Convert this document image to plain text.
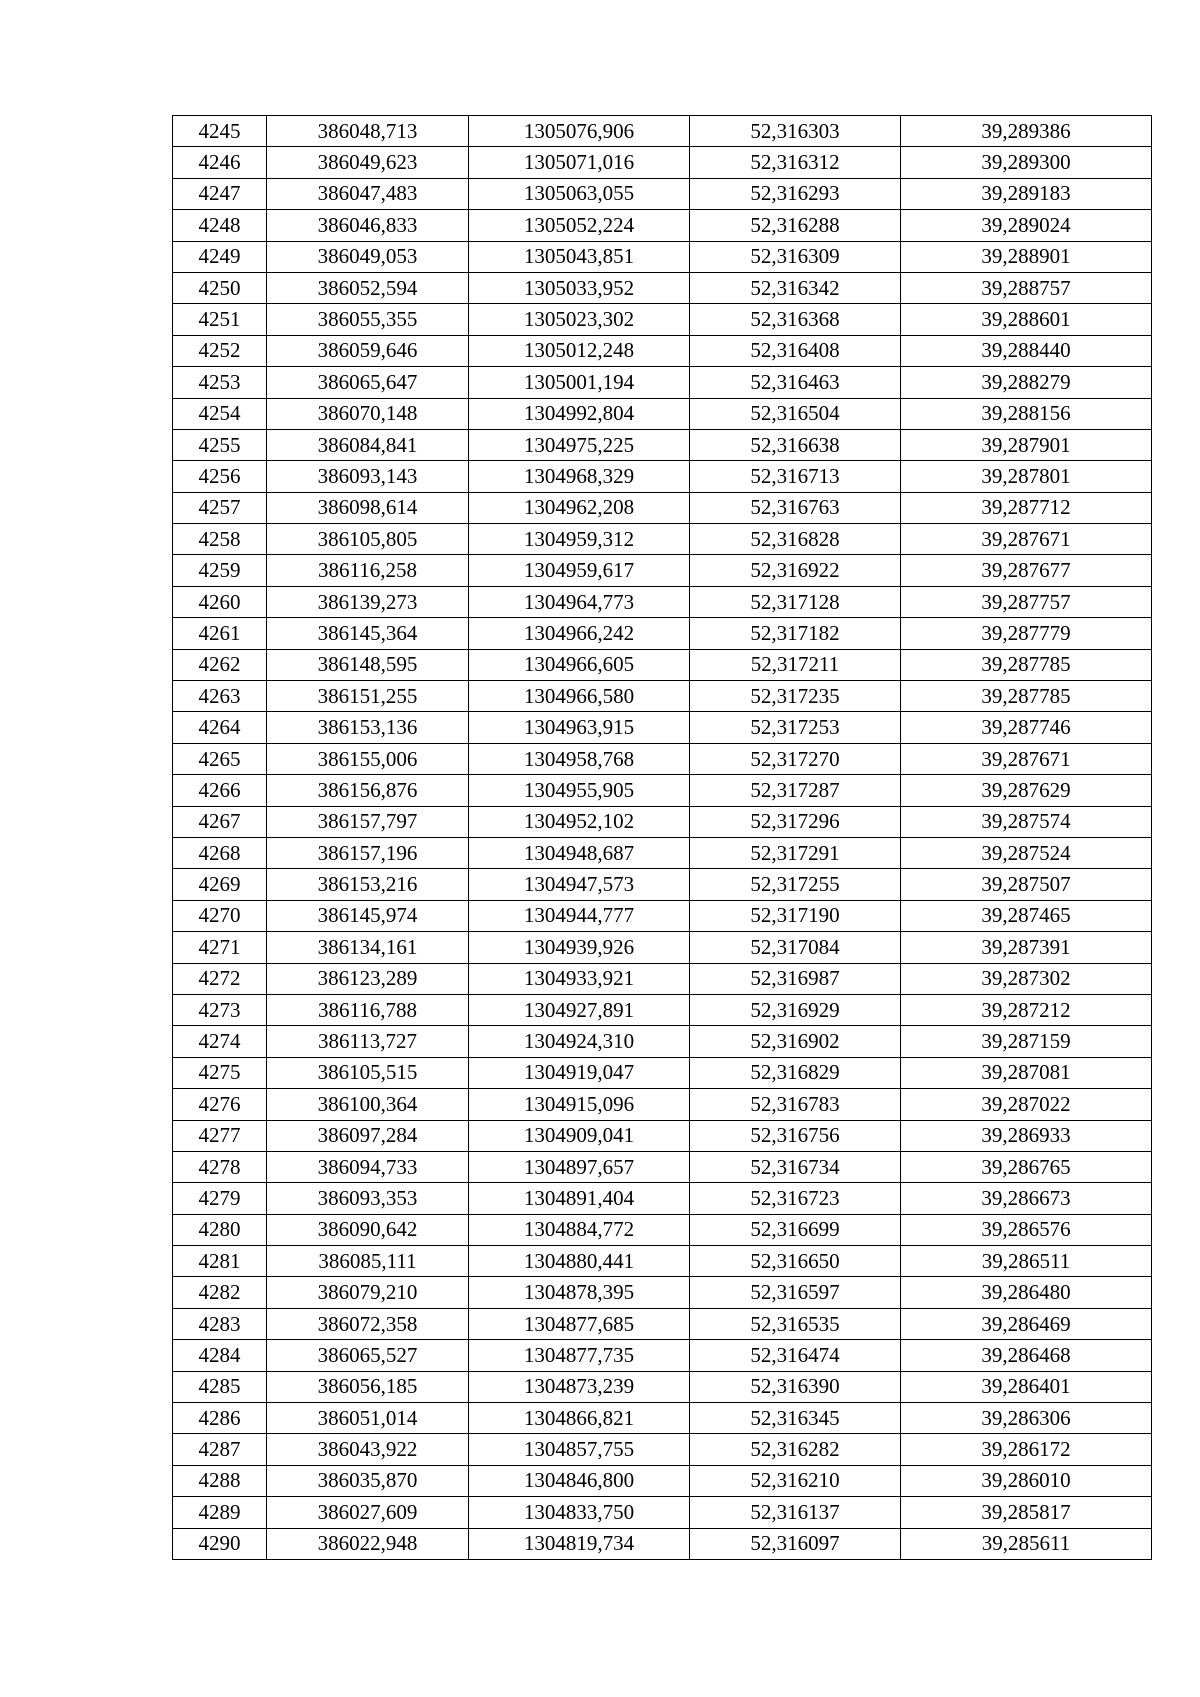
4245	386048,713	1305076,906	52,316303	39,289386
4246	386049,623	1305071,016	52,316312	39,289300
4247	386047,483	1305063,055	52,316293	39,289183
4248	386046,833	1305052,224	52,316288	39,289024
4249	386049,053	1305043,851	52,316309	39,288901
4250	386052,594	1305033,952	52,316342	39,288757
4251	386055,355	1305023,302	52,316368	39,288601
4252	386059,646	1305012,248	52,316408	39,288440
4253	386065,647	1305001,194	52,316463	39,288279
4254	386070,148	1304992,804	52,316504	39,288156
4255	386084,841	1304975,225	52,316638	39,287901
4256	386093,143	1304968,329	52,316713	39,287801
4257	386098,614	1304962,208	52,316763	39,287712
4258	386105,805	1304959,312	52,316828	39,287671
4259	386116,258	1304959,617	52,316922	39,287677
4260	386139,273	1304964,773	52,317128	39,287757
4261	386145,364	1304966,242	52,317182	39,287779
4262	386148,595	1304966,605	52,317211	39,287785
4263	386151,255	1304966,580	52,317235	39,287785
4264	386153,136	1304963,915	52,317253	39,287746
4265	386155,006	1304958,768	52,317270	39,287671
4266	386156,876	1304955,905	52,317287	39,287629
4267	386157,797	1304952,102	52,317296	39,287574
4268	386157,196	1304948,687	52,317291	39,287524
4269	386153,216	1304947,573	52,317255	39,287507
4270	386145,974	1304944,777	52,317190	39,287465
4271	386134,161	1304939,926	52,317084	39,287391
4272	386123,289	1304933,921	52,316987	39,287302
4273	386116,788	1304927,891	52,316929	39,287212
4274	386113,727	1304924,310	52,316902	39,287159
4275	386105,515	1304919,047	52,316829	39,287081
4276	386100,364	1304915,096	52,316783	39,287022
4277	386097,284	1304909,041	52,316756	39,286933
4278	386094,733	1304897,657	52,316734	39,286765
4279	386093,353	1304891,404	52,316723	39,286673
4280	386090,642	1304884,772	52,316699	39,286576
4281	386085,111	1304880,441	52,316650	39,286511
4282	386079,210	1304878,395	52,316597	39,286480
4283	386072,358	1304877,685	52,316535	39,286469
4284	386065,527	1304877,735	52,316474	39,286468
4285	386056,185	1304873,239	52,316390	39,286401
4286	386051,014	1304866,821	52,316345	39,286306
4287	386043,922	1304857,755	52,316282	39,286172
4288	386035,870	1304846,800	52,316210	39,286010
4289	386027,609	1304833,750	52,316137	39,285817
4290	386022,948	1304819,734	52,316097	39,285611
